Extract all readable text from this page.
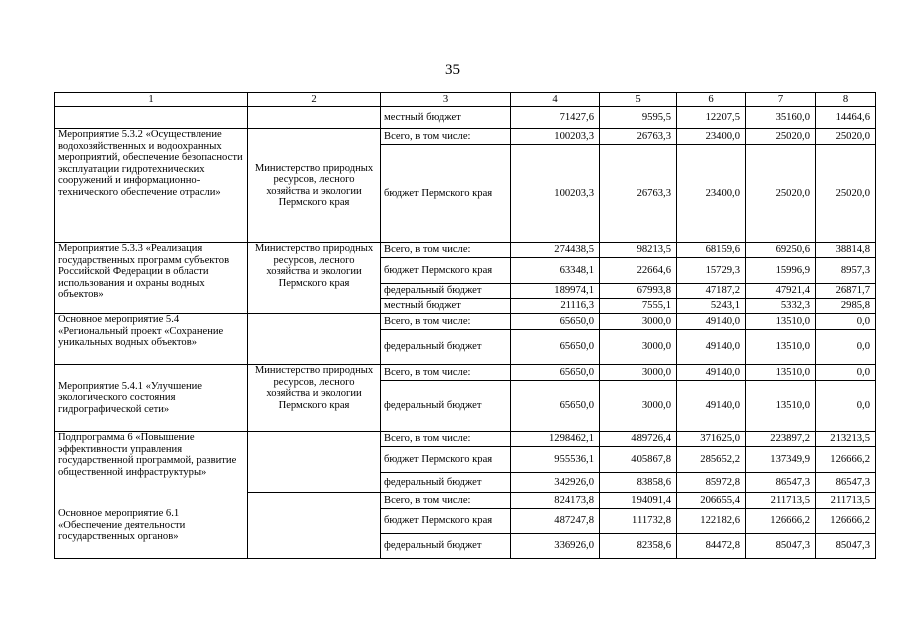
35
1	2	3	4	5	6	7	8
		местный бюджет	71427,6	9595,5	12207,5	35160,0	14464,6
Мероприятие 5.3.2 «Осуществление водохозяйственных и водоохранных мероприятий, обеспечение безопасности эксплуатации гидротехнических сооружений и информационно-технического обеспечение отрасли»	Министерство природных ресурсов, лесного хозяйства и экологии Пермского края	Всего, в том числе:	100203,3	26763,3	23400,0	25020,0	25020,0
		бюджет Пермского края	100203,3	26763,3	23400,0	25020,0	25020,0
Мероприятие 5.3.3 «Реализация государственных программ субъектов Российской Федерации в области использования и охраны водных объектов»	Министерство природных ресурсов, лесного хозяйства и экологии Пермского края	Всего, в том числе:	274438,5	98213,5	68159,6	69250,6	38814,8
		бюджет Пермского края	63348,1	22664,6	15729,3	15996,9	8957,3
		федеральный бюджет	189974,1	67993,8	47187,2	47921,4	26871,7
		местный бюджет	21116,3	7555,1	5243,1	5332,3	2985,8
Основное мероприятие 5.4 «Региональный проект «Сохранение уникальных водных объектов»		Всего, в том числе:	65650,0	3000,0	49140,0	13510,0	0,0
		федеральный бюджет	65650,0	3000,0	49140,0	13510,0	0,0
Мероприятие 5.4.1 «Улучшение экологического состояния гидрографической сети»	Министерство природных ресурсов, лесного хозяйства и экологии Пермского края	Всего, в том числе:	65650,0	3000,0	49140,0	13510,0	0,0
		федеральный бюджет	65650,0	3000,0	49140,0	13510,0	0,0
Подпрограмма 6 «Повышение эффективности управления государственной программой, развитие общественной инфраструктуры»		Всего, в том числе:	1298462,1	489726,4	371625,0	223897,2	213213,5
		бюджет Пермского края	955536,1	405867,8	285652,2	137349,9	126666,2
		федеральный бюджет	342926,0	83858,6	85972,8	86547,3	86547,3
Основное мероприятие 6.1 «Обеспечение деятельности государственных органов»		Всего, в том числе:	824173,8	194091,4	206655,4	211713,5	211713,5
		бюджет Пермского края	487247,8	111732,8	122182,6	126666,2	126666,2
		федеральный бюджет	336926,0	82358,6	84472,8	85047,3	85047,3
